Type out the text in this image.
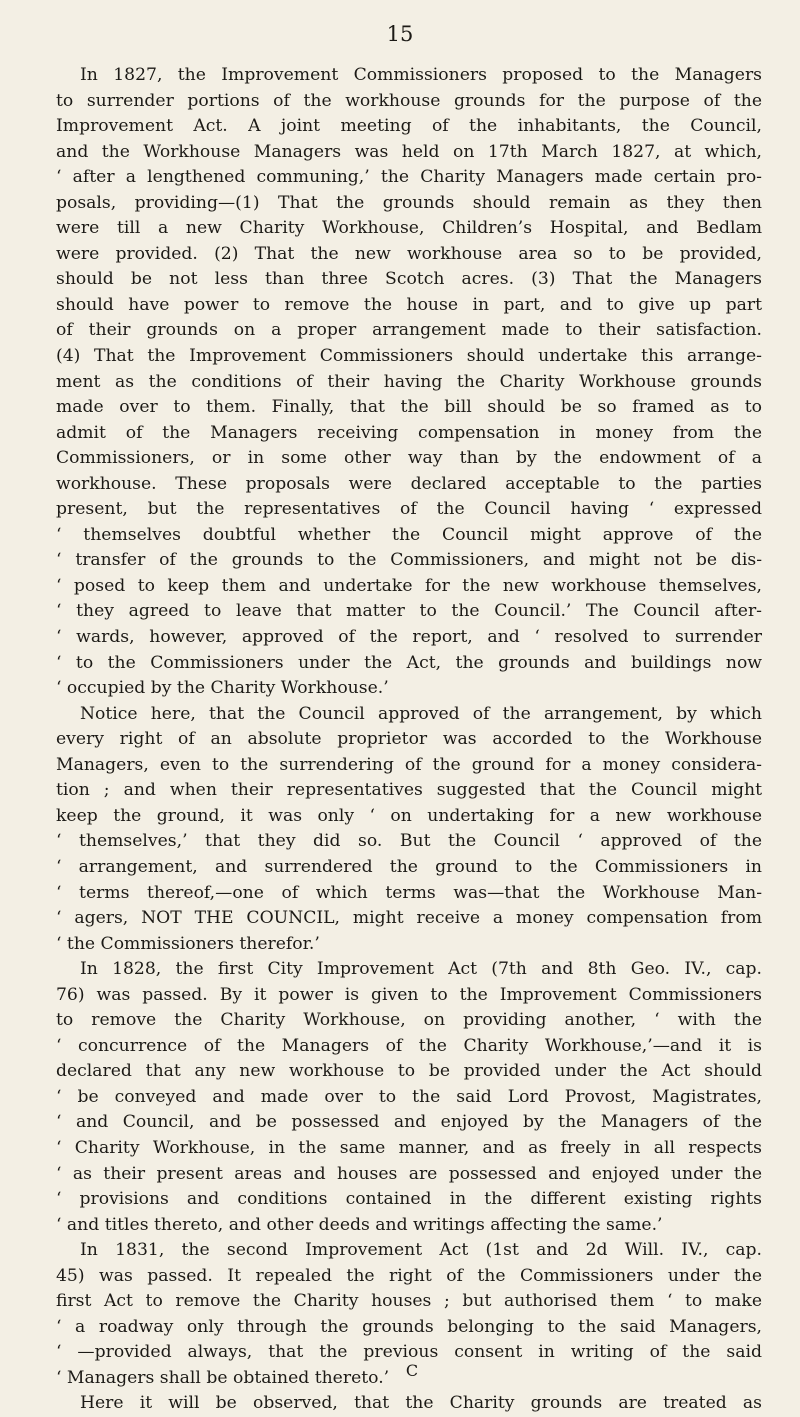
15

In 1827, the Improvement Commissioners proposed to the Managers
to surrender portions of the workhouse grounds for the purpose of the
Improvement Act. A joint meeting of the inhabitants, the Council,
and the Workhouse Managers was held on 17th March 1827, at which,
‘ after a lengthened communing,’ the Charity Managers made certain pro-
posals, providing—(1) That the grounds should remain as they then
were till a new Charity Workhouse, Children’s Hospital, and Bedlam
were provided. (2) That the new workhouse area so to be provided,
should be not less than three Scotch acres. (3) That the Managers
should have power to remove the house in part, and to give up part
of their grounds on a proper arrangement made to their satisfaction.
(4) That the Improvement Commissioners should undertake this arrange-
ment as the conditions of their having the Charity Workhouse grounds
made over to them. Finally, that the bill should be so framed as to
admit of the Managers receiving compensation in money from the
Commissioners, or in some other way than by the endowment of a
workhouse. These proposals were declared acceptable to the parties
present, but the representatives of the Council having ‘ expressed
‘ themselves doubtful whether the Council might approve of the
‘ transfer of the grounds to the Commissioners, and might not be dis-
‘ posed to keep them and undertake for the new workhouse themselves,
‘ they agreed to leave that matter to the Council.’ The Council after-
‘ wards, however, approved of the report, and ‘ resolved to surrender
‘ to the Commissioners under the Act, the grounds and buildings now
‘ occupied by the Charity Workhouse.’

Notice here, that the Council approved of the arrangement, by which
every right of an absolute proprietor was accorded to the Workhouse
Managers, even to the surrendering of the ground for a money considera-
tion ; and when their representatives suggested that the Council might
keep the ground, it was only ‘ on undertaking for a new workhouse
‘ themselves,’ that they did so. But the Council ‘ approved of the
‘ arrangement, and surrendered the ground to the Commissioners in
‘ terms thereof,—one of which terms was—that the Workhouse Man-
‘ agers, NOT THE COUNCIL, might receive a money compensation from
‘ the Commissioners therefor.’

In 1828, the first City Improvement Act (7th and 8th Geo. IV., cap.
76) was passed. By it power is given to the Improvement Commissioners
to remove the Charity Workhouse, on providing another, ‘ with the
‘ concurrence of the Managers of the Charity Workhouse,’—and it is
declared that any new workhouse to be provided under the Act should
‘ be conveyed and made over to the said Lord Provost, Magistrates,
‘ and Council, and be possessed and enjoyed by the Managers of the
‘ Charity Workhouse, in the same manner, and as freely in all respects
‘ as their present areas and houses are possessed and enjoyed under the
‘ provisions and conditions contained in the different existing rights
‘ and titles thereto, and other deeds and writings affecting the same.’

In 1831, the second Improvement Act (1st and 2d Will. IV., cap.
45) was passed. It repealed the right of the Commissioners under the
first Act to remove the Charity houses ; but authorised them ‘ to make
‘ a roadway only through the grounds belonging to the said Managers,
‘ —provided always, that the previous consent in writing of the said
‘ Managers shall be obtained thereto.’

Here it will be observed, that the Charity grounds are treated as

C
